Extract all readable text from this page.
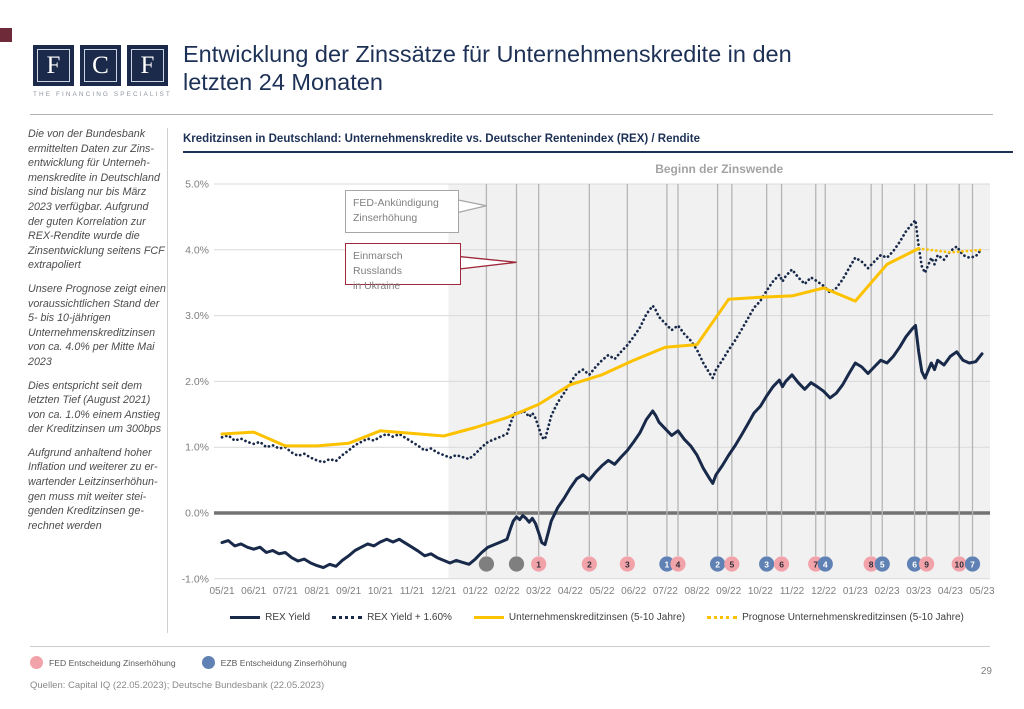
F	C	F
THE FINANCING SPECIALIST
Entwicklung der Zinssätze für Unternehmenskredite in den
letzten 24 Monaten

Die von der Bundesbank ermittelten Daten zur Zinsentwicklung für Unternehmenskredite in Deutschland sind bislang nur bis März 2023 verfügbar. Aufgrund der guten Korrelation zur REX-Rendite wurde die Zinsentwicklung seitens FCF extrapoliert

Unsere Prognose zeigt einen voraussichtlichen Stand der 5- bis 10-jährigen Unternehmenskreditzinsen von ca. 4.0% per Mitte Mai 2023

Dies entspricht seit dem letzten Tief (August 2021) von ca. 1.0% einem Anstieg der Kreditzinsen um 300bps

Aufgrund anhaltend hoher Inflation und weiterer zu erwartender Leitzinserhöhungen muss mit weiter steigenden Kreditzinsen gerechnet werden

Kreditzinsen in Deutschland: Unternehmenskredite vs. Deutscher Rentenindex (REX) / Rendite
5.0%
4.0%
3.0%
2.0%
1.0%
0.0%
-1.0%
Beginn der Zinswende
1	2	3	1 4	2 5	3 6	7 4	8 5	6 9	10 7
05/21 06/21 07/21 08/21 09/21 10/21 11/21 12/21 01/22 02/22 03/22 04/22 05/22 06/22 07/22 08/22 09/22 10/22 11/22 12/22 01/23 02/23 03/23 04/23 05/23
FED-Ankündigung
Zinserhöhung
Einmarsch Russlands
in Ukraine
REX Yield	REX Yield + 1.60%	Unternehmenskreditzinsen (5-10 Jahre)	Prognose Unternehmenskreditzinsen (5-10 Jahre)
FED Entscheidung Zinserhöhung	EZB Entscheidung Zinserhöhung
Quellen: Capital IQ (22.05.2023); Deutsche Bundesbank (22.05.2023)
29
